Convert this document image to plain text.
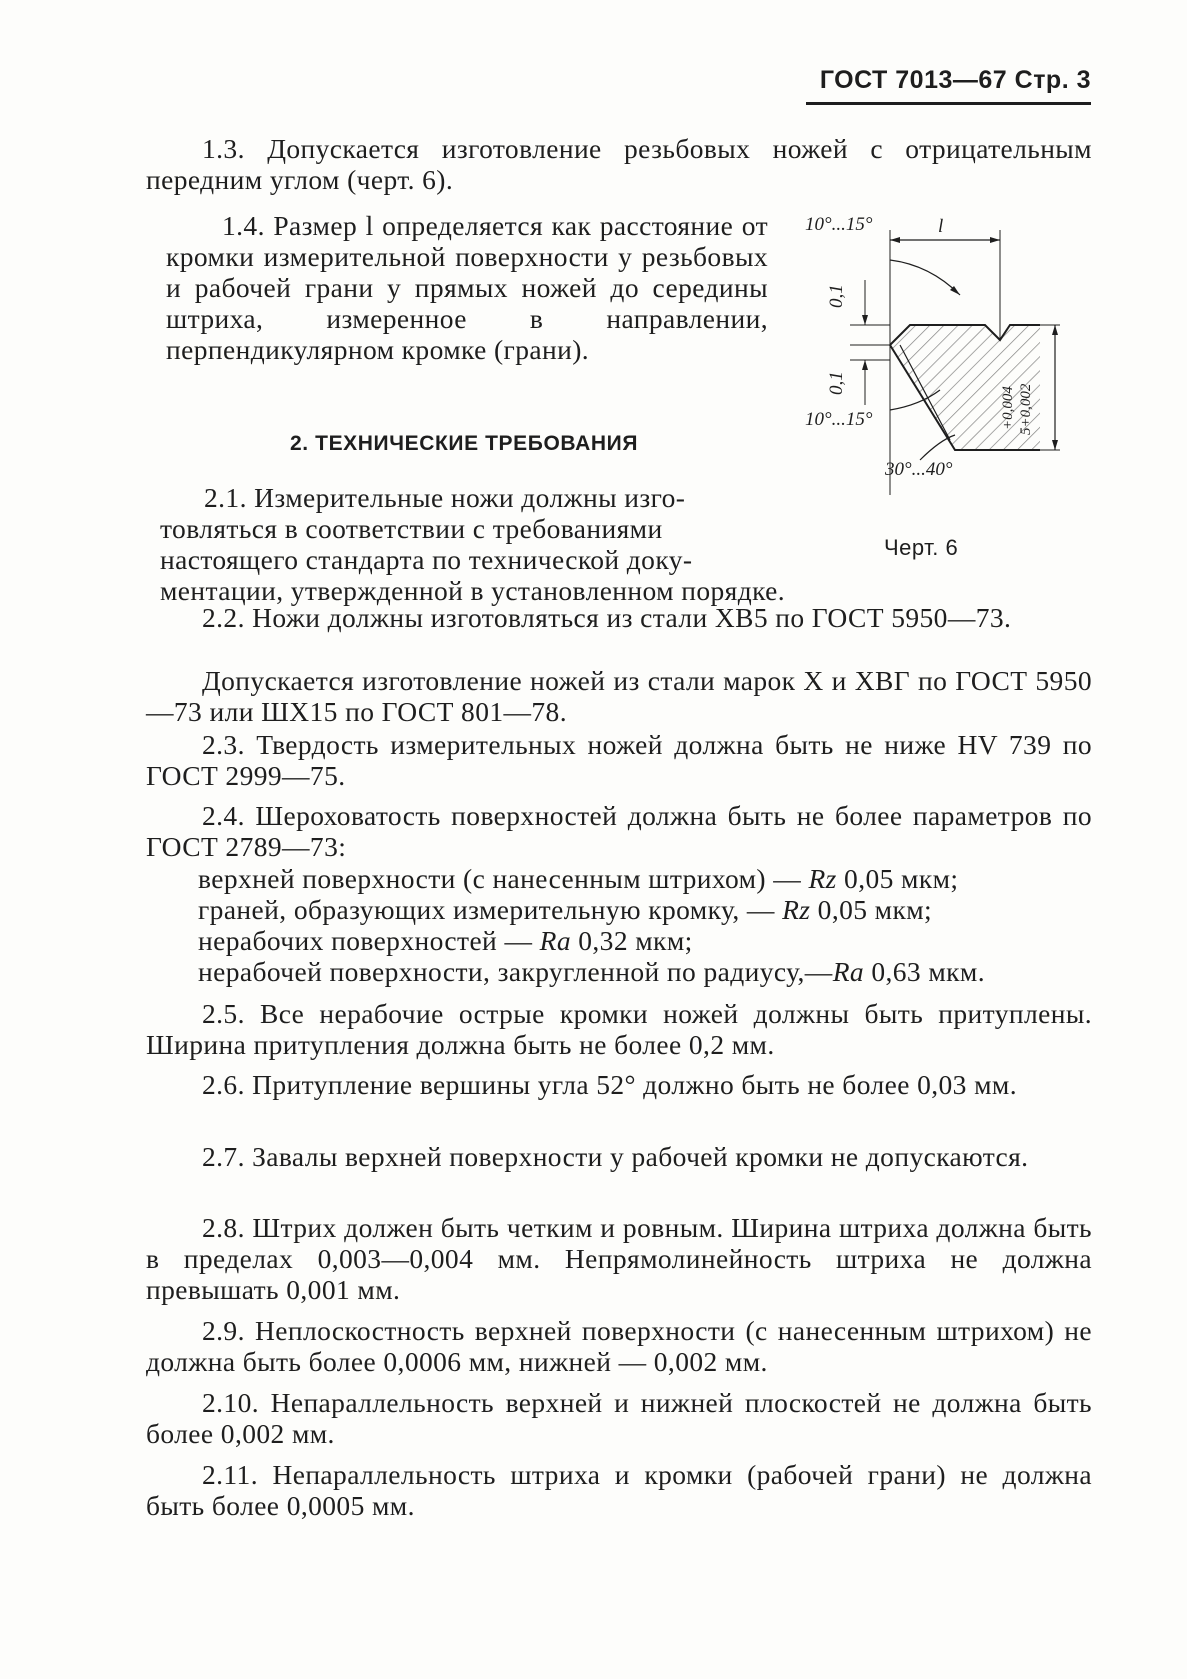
ГОСТ 7013—67 Стр. 3

1.3. Допускается изготовление резьбовых ножей с отрицательным передним углом (черт. 6).

1.4. Размер l определяется как расстояние от кромки измерительной поверхности у резьбовых и рабочей грани у прямых ножей до середины штриха, измеренное в направлении, перпендикулярном кромке (грани).

2. ТЕХНИЧЕСКИЕ ТРЕБОВАНИЯ
10°...15°	l
0,1
0,1
10°...15°
30°...40°
5+0,002
+0,004
Черт. 6
2.1. Измерительные ножи должны изго-
товляться в соответствии с требованиями
настоящего стандарта по технической доку-
ментации, утвержденной в установленном порядке.

2.2. Ножи должны изготовляться из стали ХВ5 по ГОСТ 5950—73.

Допускается изготовление ножей из стали марок Х и ХВГ по ГОСТ 5950—73 или ШХ15 по ГОСТ 801—78.

2.3. Твердость измерительных ножей должна быть не ниже HV 739 по ГОСТ 2999—75.

2.4. Шероховатость поверхностей должна быть не более параметров по ГОСТ 2789—73:

верхней поверхности (с нанесенным штрихом) — Rz 0,05 мкм;
граней, образующих измерительную кромку, — Rz 0,05 мкм;
нерабочих поверхностей — Ra 0,32 мкм;
нерабочей поверхности, закругленной по радиусу,—Ra 0,63 мкм.

2.5. Все нерабочие острые кромки ножей должны быть притуплены. Ширина притупления должна быть не более 0,2 мм.

2.6. Притупление вершины угла 52° должно быть не более 0,03 мм.

2.7. Завалы верхней поверхности у рабочей кромки не допускаются.

2.8. Штрих должен быть четким и ровным. Ширина штриха должна быть в пределах 0,003—0,004 мм. Непрямолинейность штриха не должна превышать 0,001 мм.

2.9. Неплоскостность верхней поверхности (с нанесенным штрихом) не должна быть более 0,0006 мм, нижней — 0,002 мм.

2.10. Непараллельность верхней и нижней плоскостей не должна быть более 0,002 мм.

2.11. Непараллельность штриха и кромки (рабочей грани) не должна быть более 0,0005 мм.
